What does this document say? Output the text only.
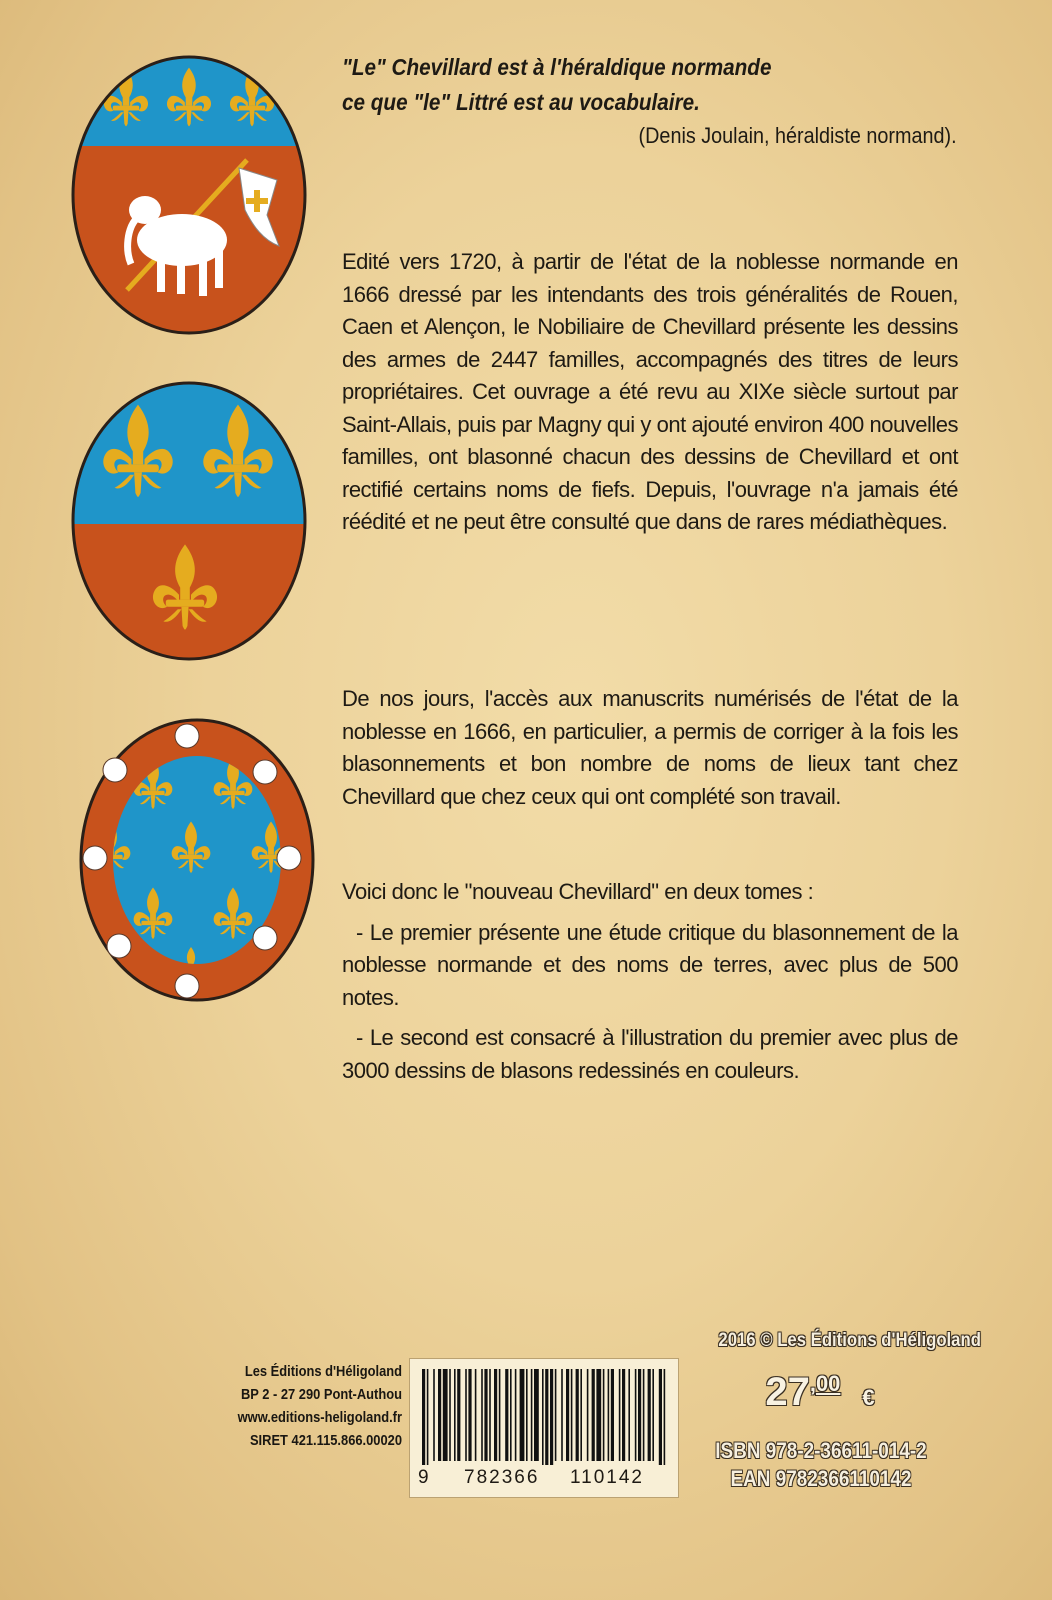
"Le" Chevillard est à l'héraldique normande
ce que "le" Littré est au vocabulaire.
(Denis Joulain, héraldiste normand).
Edité vers 1720, à partir de l'état de la noblesse normande en 1666 dressé par les intendants des trois généralités de Rouen, Caen et Alençon, le Nobiliaire de Chevillard présente les dessins des armes de 2447 familles, accompagnés des titres de leurs propriétaires. Cet ouvrage a été revu au XIXe siècle surtout par Saint-Allais, puis par Magny qui y ont ajouté environ 400 nouvelles familles, ont blasonné chacun des dessins de Chevillard et ont rectifié certains noms de fiefs. Depuis, l'ouvrage n'a jamais été réédité et ne peut être consulté que dans de rares médiathèques.
De nos jours, l'accès aux manuscrits numérisés de l'état de la noblesse en 1666, en particulier, a permis de corriger à la fois les blasonnements et bon nombre de noms de lieux tant chez Chevillard que chez ceux qui ont complété son travail.
Voici donc le "nouveau Chevillard" en deux tomes :
- Le premier présente une étude critique du blasonnement de la noblesse normande et des noms de terres, avec plus de 500 notes.
- Le second est consacré à l'illustration du premier avec plus de 3000 dessins de blasons redessinés en couleurs.
Les Éditions d'Héligoland
BP 2 - 27 290 Pont-Authou
www.editions-heligoland.fr
SIRET 421.115.866.00020
9 782366 110142
2016 © Les Éditions d'Héligoland
27,00€
ISBN 978-2-36611-014-2
EAN 9782366110142
